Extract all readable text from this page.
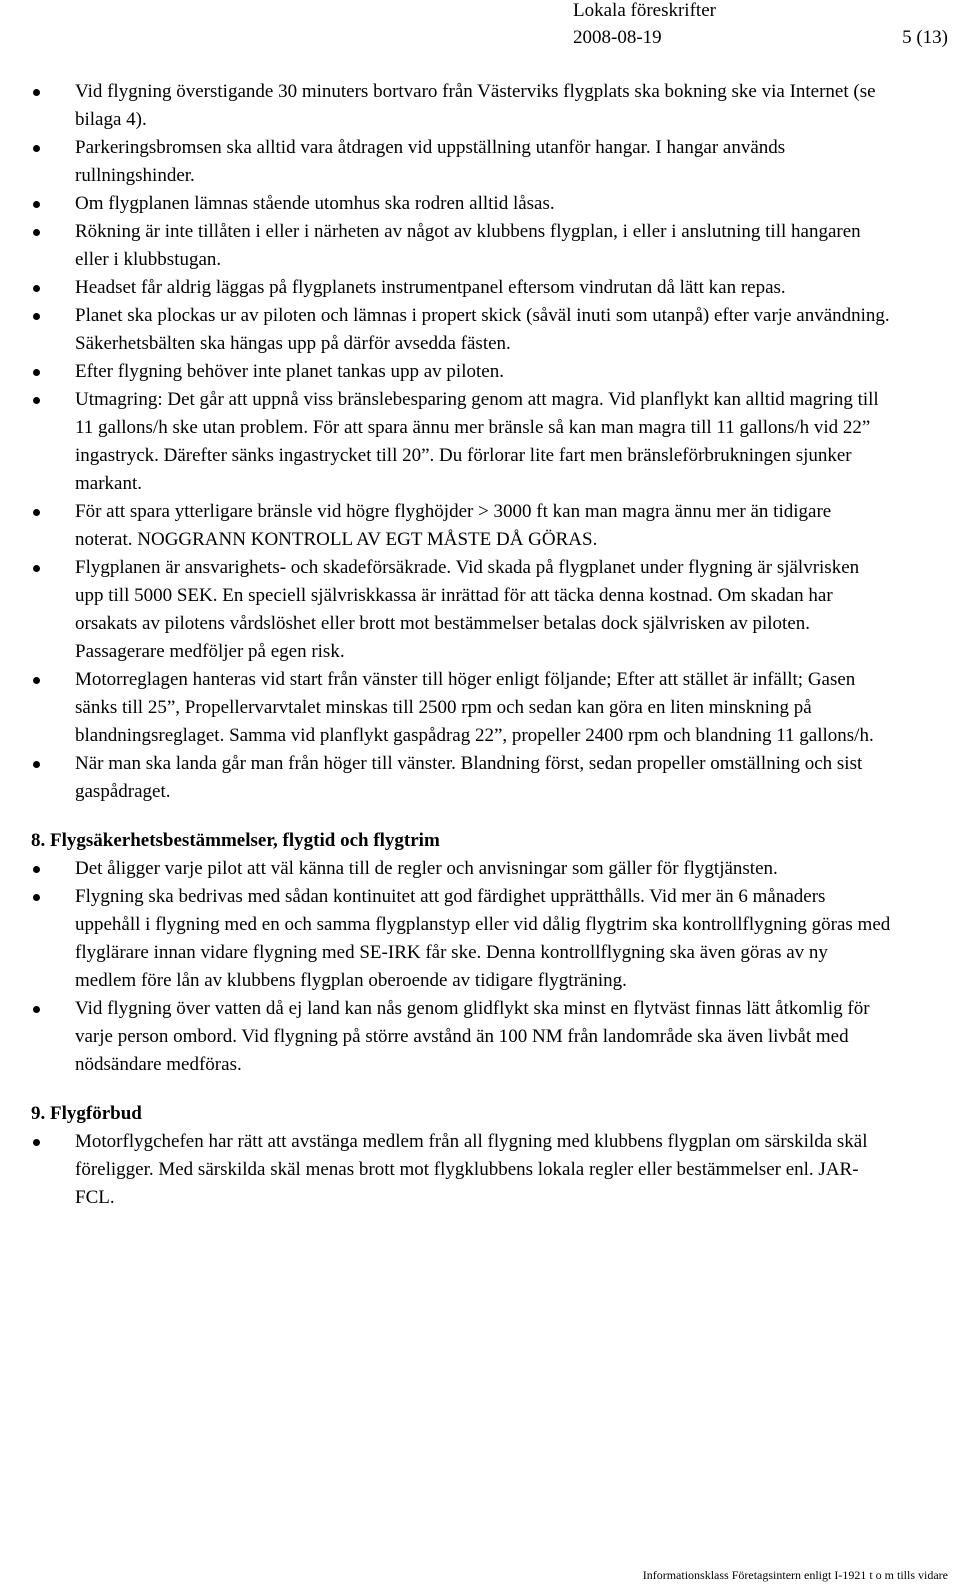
Lokala föreskrifter
2008-08-19	5 (13)
Vid flygning överstigande 30 minuters bortvaro från Västerviks flygplats ska bokning ske via Internet (se bilaga 4).
Parkeringsbromsen ska alltid vara åtdragen vid uppställning utanför hangar. I hangar används rullningshinder.
Om flygplanen lämnas stående utomhus ska rodren alltid låsas.
Rökning är inte tillåten i eller i närheten av något av klubbens flygplan, i eller i anslutning till hangaren eller i klubbstugan.
Headset får aldrig läggas på flygplanets instrumentpanel eftersom vindrutan då lätt kan repas.
Planet ska plockas ur av piloten och lämnas i propert skick (såväl inuti som utanpå) efter varje användning. Säkerhetsbälten ska hängas upp på därför avsedda fästen.
Efter flygning behöver inte planet tankas upp av piloten.
Utmagring: Det går att uppnå viss bränslebesparing genom att magra. Vid planflykt kan alltid magring till 11 gallons/h ske utan problem. För att spara ännu mer bränsle så kan man magra till 11 gallons/h vid 22” ingastryck. Därefter sänks ingastrycket till 20”. Du förlorar lite fart men bränsleförbrukningen sjunker markant.
För att spara ytterligare bränsle vid högre flyghöjder > 3000 ft kan man magra ännu mer än tidigare noterat. NOGGRANN KONTROLL AV EGT MÅSTE DÅ GÖRAS.
Flygplanen är ansvarighets- och skadeförsäkrade. Vid skada på flygplanet under flygning är självrisken upp till 5000 SEK. En speciell självriskkassa är inrättad för att täcka denna kostnad. Om skadan har orsakats av pilotens vårdslöshet eller brott mot bestämmelser betalas dock självrisken av piloten. Passagerare medföljer på egen risk.
Motorreglagen hanteras vid start från vänster till höger enligt följande; Efter att stället är infällt; Gasen sänks till 25”, Propellervarvtalet minskas till 2500 rpm och sedan kan göra en liten minskning på blandningsreglaget. Samma vid planflykt gaspådrag 22”, propeller 2400 rpm och blandning 11 gallons/h.
När man ska landa går man från höger till vänster. Blandning först, sedan propeller omställning och sist gaspådraget.
8. Flygsäkerhetsbestämmelser, flygtid och flygtrim
Det åligger varje pilot att väl känna till de regler och anvisningar som gäller för flygtjänsten.
Flygning ska bedrivas med sådan kontinuitet att god färdighet upprätthålls. Vid mer än 6 månaders uppehåll i flygning med en och samma flygplanstyp eller vid dålig flygtrim ska kontrollflygning göras med flyglärare innan vidare flygning med SE-IRK får ske. Denna kontrollflygning ska även göras av ny medlem före lån av klubbens flygplan oberoende av tidigare flygträning.
Vid flygning över vatten då ej land kan nås genom glidflykt ska minst en flytväst finnas lätt åtkomlig för varje person ombord. Vid flygning på större avstånd än 100 NM från landområde ska även livbåt med nödsändare medföras.
9. Flygförbud
Motorflygchefen har rätt att avstänga medlem från all flygning med klubbens flygplan om särskilda skäl föreligger. Med särskilda skäl menas brott mot flygklubbens lokala regler eller bestämmelser enl. JAR-FCL.
Informationsklass Företagsintern enligt I-1921 t o m tills vidare
